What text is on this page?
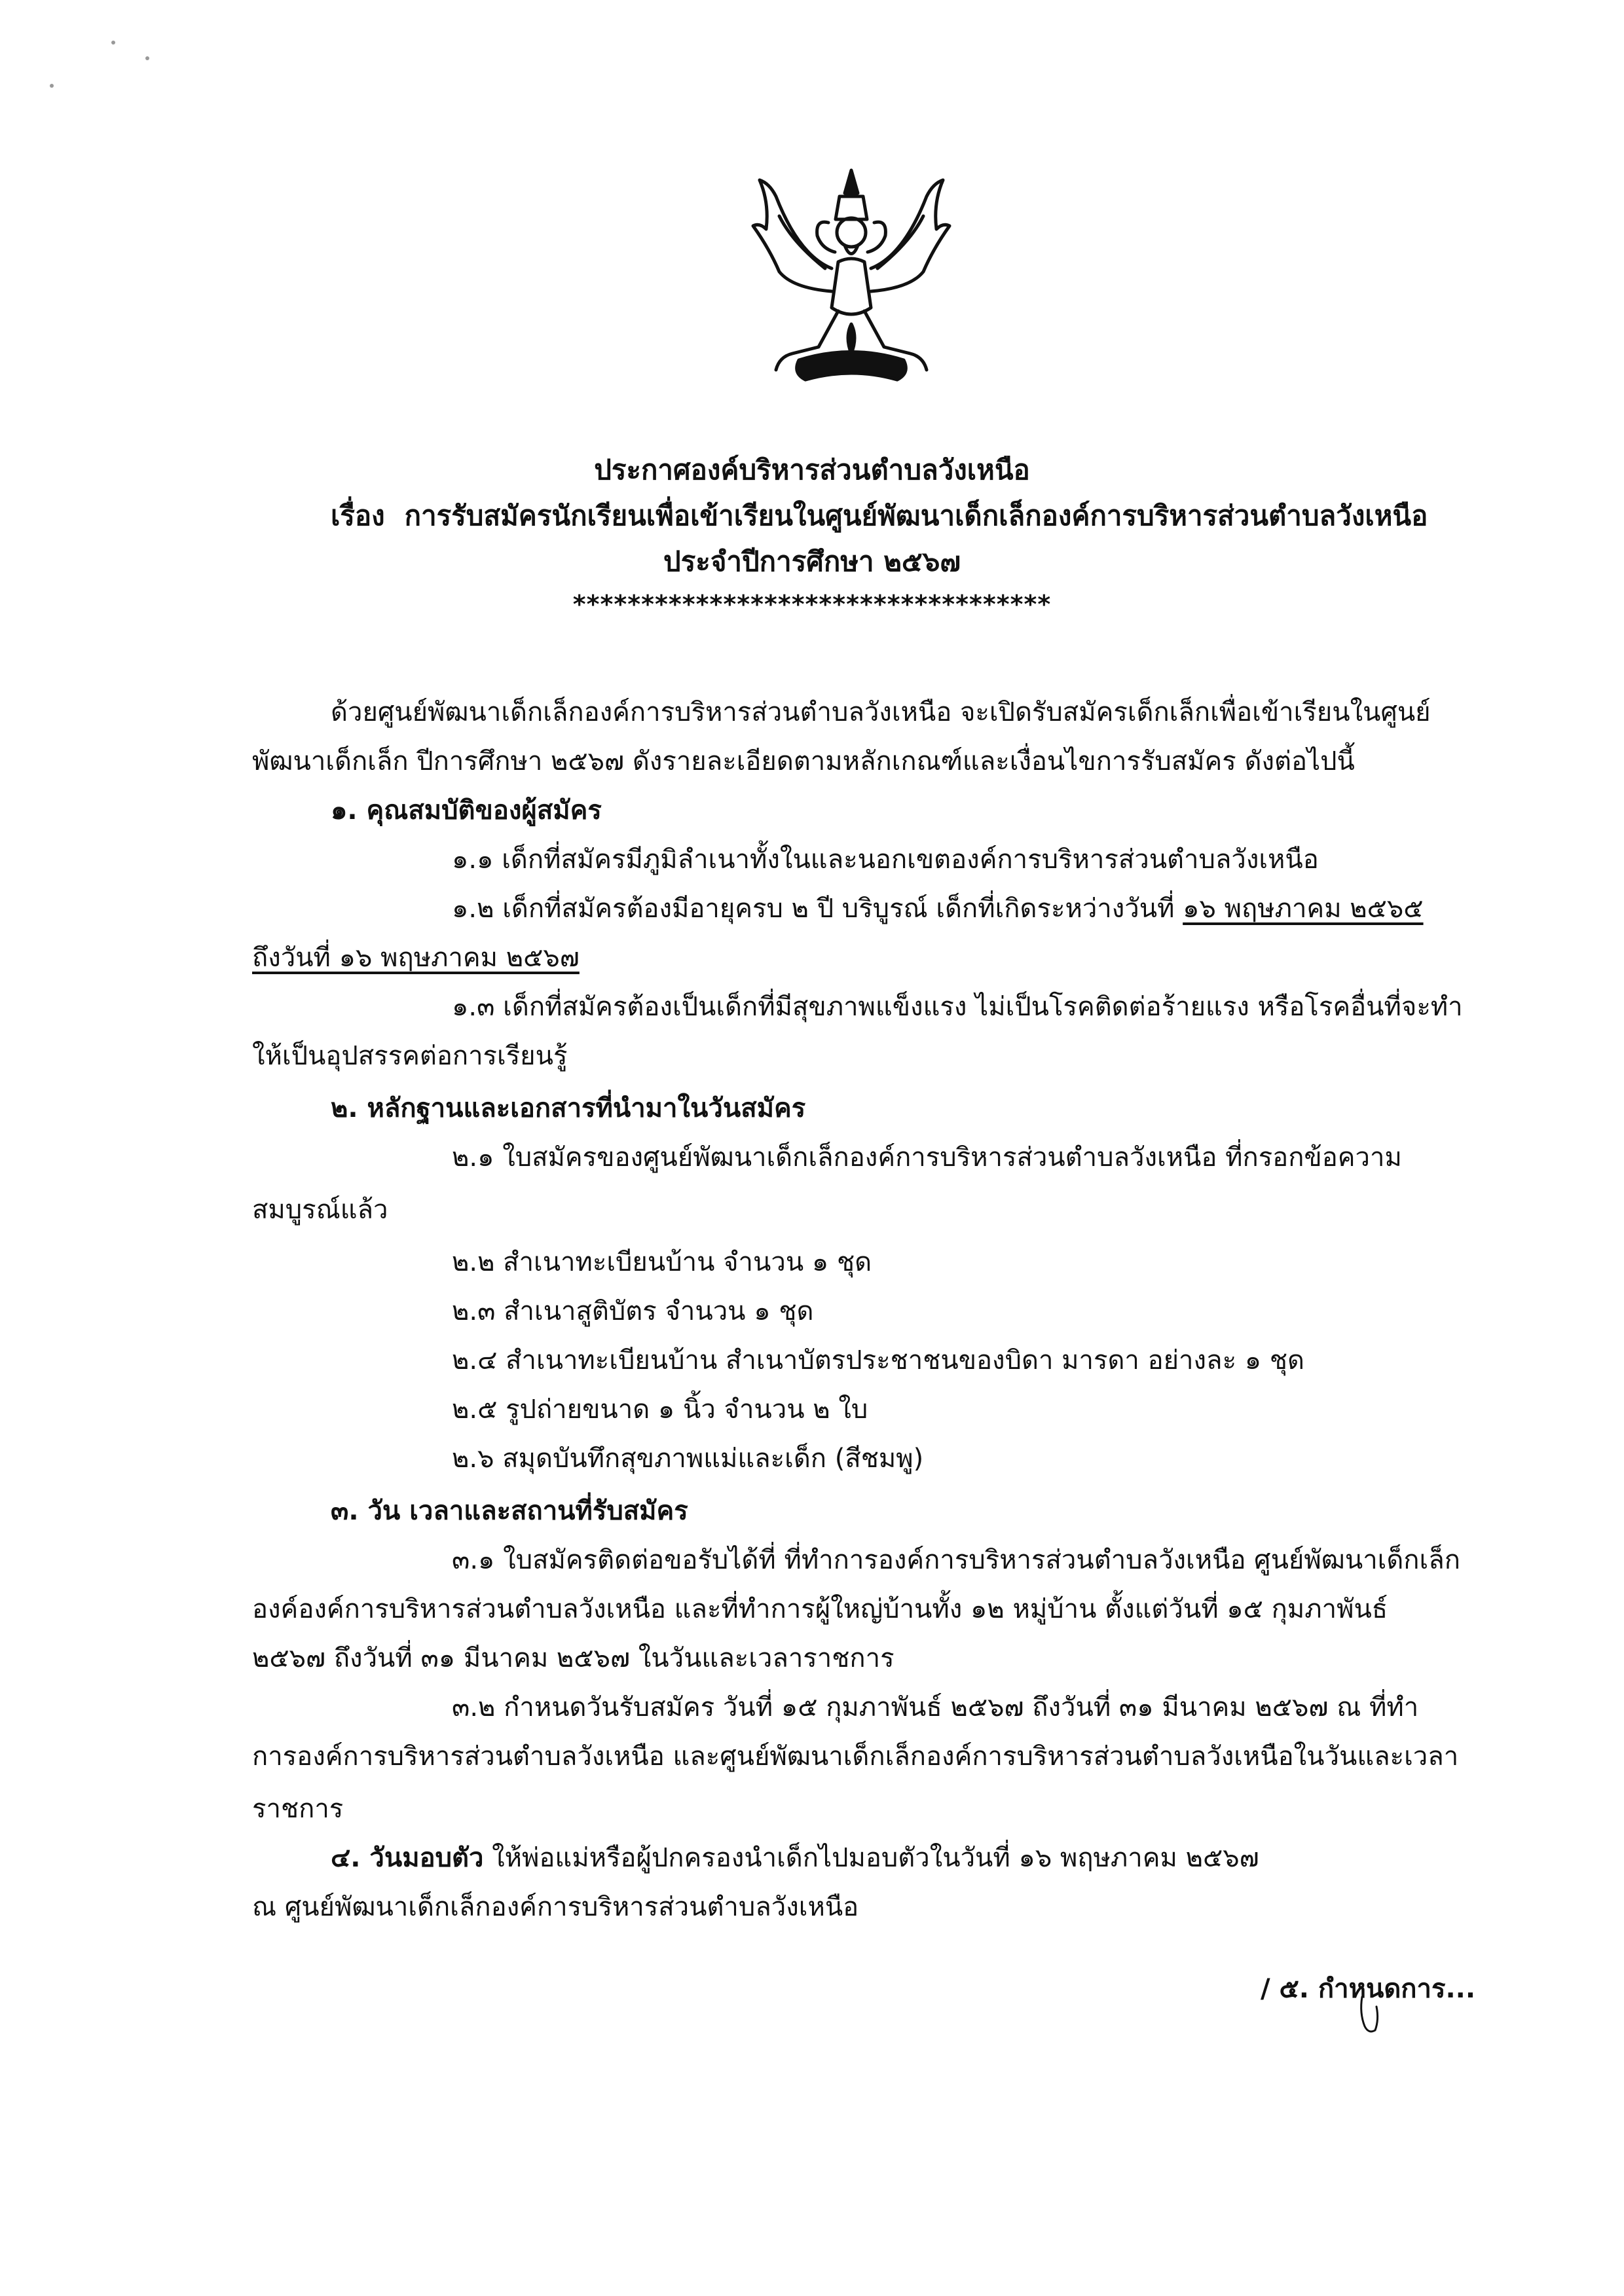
ประกาศองค์บริหารส่วนตำบลวังเหนือ
เรื่อง การรับสมัครนักเรียนเพื่อเข้าเรียนในศูนย์พัฒนาเด็กเล็กองค์การบริหารส่วนตำบลวังเหนือ
ประจำปีการศึกษา ๒๕๖๗
***********************************
ด้วยศูนย์พัฒนาเด็กเล็กองค์การบริหารส่วนตำบลวังเหนือ จะเปิดรับสมัครเด็กเล็กเพื่อเข้าเรียนในศูนย์
พัฒนาเด็กเล็ก ปีการศึกษา ๒๕๖๗ ดังรายละเอียดตามหลักเกณฑ์และเงื่อนไขการรับสมัคร ดังต่อไปนี้
๑. คุณสมบัติของผู้สมัคร
๑.๑ เด็กที่สมัครมีภูมิลำเนาทั้งในและนอกเขตองค์การบริหารส่วนตำบลวังเหนือ
๑.๒ เด็กที่สมัครต้องมีอายุครบ ๒ ปี บริบูรณ์ เด็กที่เกิดระหว่างวันที่ ๑๖ พฤษภาคม ๒๕๖๕
ถึงวันที่ ๑๖ พฤษภาคม ๒๕๖๗
๑.๓ เด็กที่สมัครต้องเป็นเด็กที่มีสุขภาพแข็งแรง ไม่เป็นโรคติดต่อร้ายแรง หรือโรคอื่นที่จะทำ
ให้เป็นอุปสรรคต่อการเรียนรู้
๒. หลักฐานและเอกสารที่นำมาในวันสมัคร
๒.๑ ใบสมัครของศูนย์พัฒนาเด็กเล็กองค์การบริหารส่วนตำบลวังเหนือ ที่กรอกข้อความ
สมบูรณ์แล้ว
๒.๒ สำเนาทะเบียนบ้าน จำนวน ๑ ชุด
๒.๓ สำเนาสูติบัตร จำนวน ๑ ชุด
๒.๔ สำเนาทะเบียนบ้าน สำเนาบัตรประชาชนของบิดา มารดา อย่างละ ๑ ชุด
๒.๕ รูปถ่ายขนาด ๑ นิ้ว จำนวน ๒ ใบ
๒.๖ สมุดบันทึกสุขภาพแม่และเด็ก (สีชมพู)
๓. วัน เวลาและสถานที่รับสมัคร
๓.๑ ใบสมัครติดต่อขอรับได้ที่ ที่ทำการองค์การบริหารส่วนตำบลวังเหนือ ศูนย์พัฒนาเด็กเล็ก
องค์องค์การบริหารส่วนตำบลวังเหนือ และที่ทำการผู้ใหญ่บ้านทั้ง ๑๒ หมู่บ้าน ตั้งแต่วันที่ ๑๕ กุมภาพันธ์
๒๕๖๗ ถึงวันที่ ๓๑ มีนาคม ๒๕๖๗ ในวันและเวลาราชการ
๓.๒ กำหนดวันรับสมัคร วันที่ ๑๕ กุมภาพันธ์ ๒๕๖๗ ถึงวันที่ ๓๑ มีนาคม ๒๕๖๗ ณ ที่ทำ
การองค์การบริหารส่วนตำบลวังเหนือ และศูนย์พัฒนาเด็กเล็กองค์การบริหารส่วนตำบลวังเหนือในวันและเวลา
ราชการ
๔. วันมอบตัว ให้พ่อแม่หรือผู้ปกครองนำเด็กไปมอบตัวในวันที่ ๑๖ พฤษภาคม ๒๕๖๗
ณ ศูนย์พัฒนาเด็กเล็กองค์การบริหารส่วนตำบลวังเหนือ
/ ๕. กำหนดการ...
